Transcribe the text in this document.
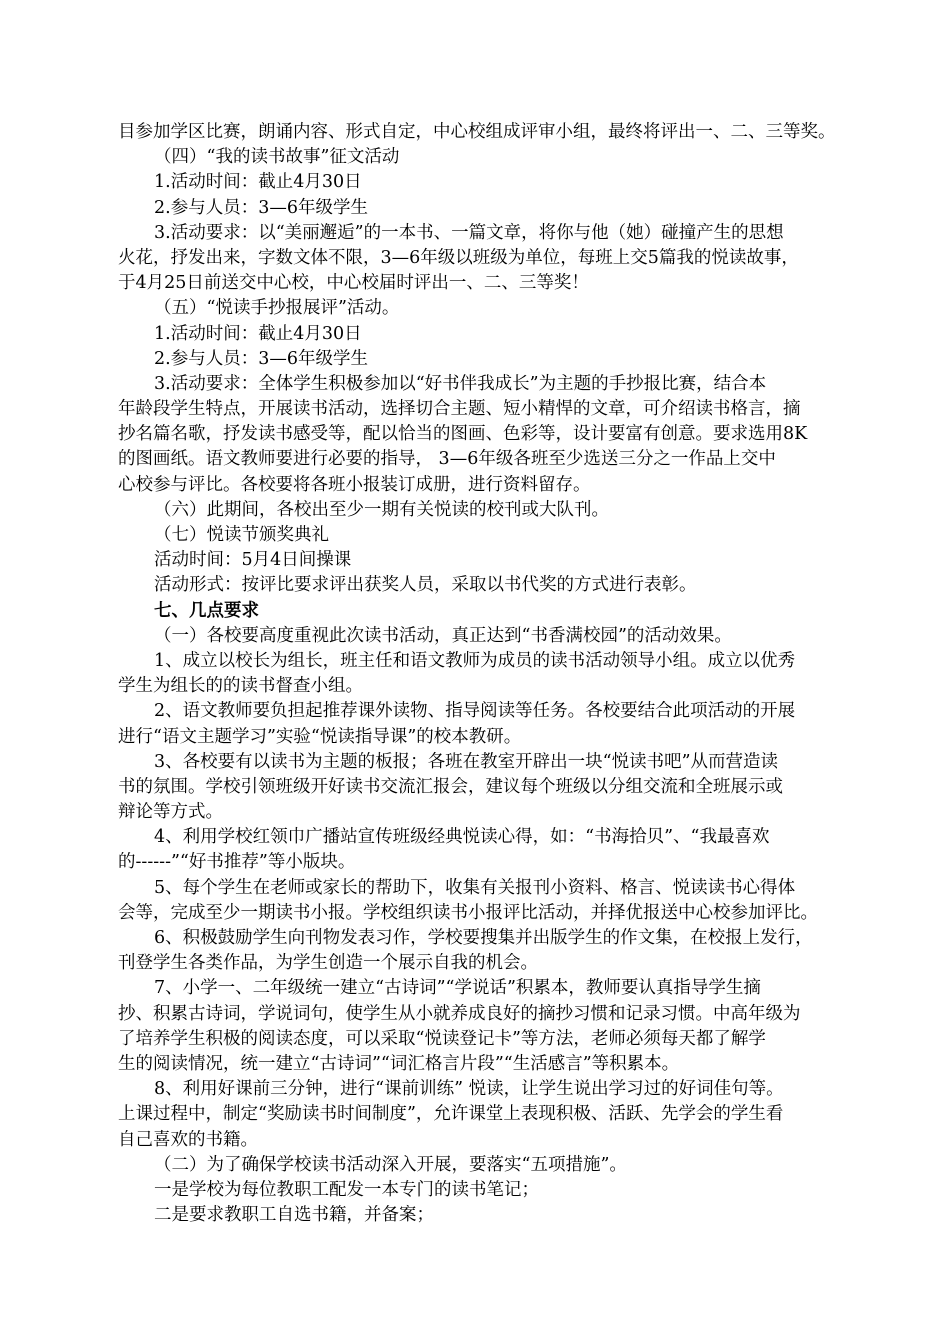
目参加学区比赛，朗诵内容、形式自定，中心校组成评审小组，最终将评出一、二、三等奖。
（四）“我的读书故事”征文活动
1.活动时间：截止4月30日
2.参与人员：3—6年级学生
3.活动要求：以“美丽邂逅”的一本书、一篇文章，将你与他（她）碰撞产生的思想
火花，抒发出来，字数文体不限，3—6年级以班级为单位，每班上交5篇我的悦读故事，
于4月25日前送交中心校，中心校届时评出一、二、三等奖！
（五）“悦读手抄报展评”活动。
1.活动时间：截止4月30日
2.参与人员：3—6年级学生
3.活动要求：全体学生积极参加以“好书伴我成长”为主题的手抄报比赛，结合本
年龄段学生特点，开展读书活动，选择切合主题、短小精悍的文章，可介绍读书格言，摘
抄名篇名歌，抒发读书感受等，配以恰当的图画、色彩等，设计要富有创意。要求选用8K
的图画纸。语文教师要进行必要的指导， 3—6年级各班至少选送三分之一作品上交中
心校参与评比。各校要将各班小报装订成册，进行资料留存。
（六）此期间，各校出至少一期有关悦读的校刊或大队刊。
（七）悦读节颁奖典礼
活动时间：5月4日间操课
活动形式：按评比要求评出获奖人员，采取以书代奖的方式进行表彰。
七、几点要求
（一）各校要高度重视此次读书活动，真正达到“书香满校园”的活动效果。
1、成立以校长为组长，班主任和语文教师为成员的读书活动领导小组。成立以优秀
学生为组长的的读书督查小组。
2、语文教师要负担起推荐课外读物、指导阅读等任务。各校要结合此项活动的开展
进行“语文主题学习”实验“悦读指导课”的校本教研。
3、各校要有以读书为主题的板报；各班在教室开辟出一块“悦读书吧”从而营造读
书的氛围。学校引领班级开好读书交流汇报会，建议每个班级以分组交流和全班展示或
辩论等方式。
4、利用学校红领巾广播站宣传班级经典悦读心得，如：“书海拾贝”、“我最喜欢
的------”“好书推荐”等小版块。
5、每个学生在老师或家长的帮助下，收集有关报刊小资料、格言、悦读读书心得体
会等，完成至少一期读书小报。学校组织读书小报评比活动，并择优报送中心校参加评比。
6、积极鼓励学生向刊物发表习作，学校要搜集并出版学生的作文集，在校报上发行，
刊登学生各类作品，为学生创造一个展示自我的机会。
7、小学一、二年级统一建立“古诗词”“学说话”积累本，教师要认真指导学生摘
抄、积累古诗词，学说词句，使学生从小就养成良好的摘抄习惯和记录习惯。中高年级为
了培养学生积极的阅读态度，可以采取“悦读登记卡”等方法，老师必须每天都了解学
生的阅读情况，统一建立“古诗词”“词汇格言片段”“生活感言”等积累本。
8、利用好课前三分钟，进行“课前训练” 悦读，让学生说出学习过的好词佳句等。
上课过程中，制定“奖励读书时间制度”，允许课堂上表现积极、活跃、先学会的学生看
自己喜欢的书籍。
（二）为了确保学校读书活动深入开展，要落实“五项措施”。
一是学校为每位教职工配发一本专门的读书笔记；
二是要求教职工自选书籍，并备案；
